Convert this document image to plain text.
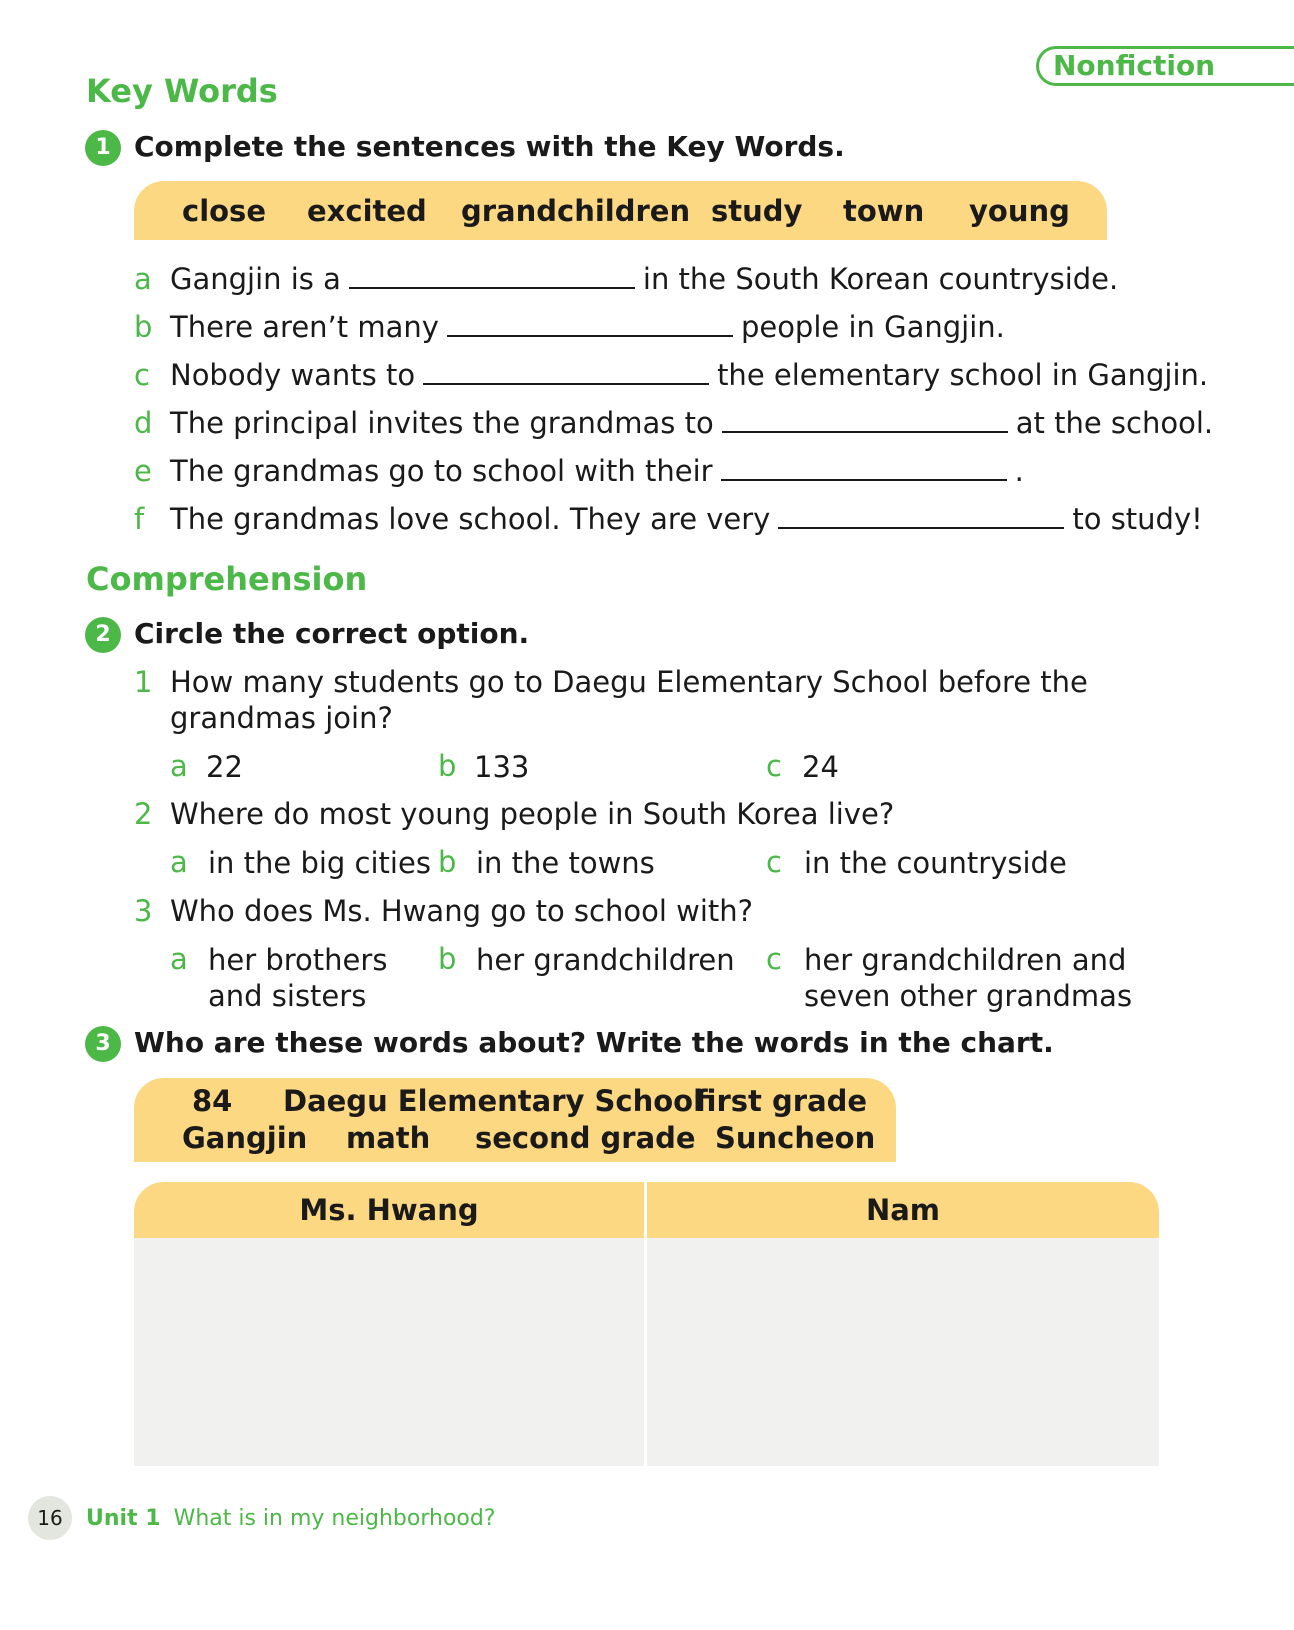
Nonfiction
Key Words
1 Complete the sentences with the Key Words.
close excited grandchildren study town young
a Gangjin is a	in the South Korean countryside.
b There aren’t many	people in Gangjin.
c Nobody wants to	the elementary school in Gangjin.
d The principal invites the grandmas to	at the school.
e The grandmas go to school with their	.
f The grandmas love school. They are very	to study!
Comprehension
2 Circle the correct option.
1 How many students go to Daegu Elementary School before the
grandmas join?
a 22	b 133	c 24
2 Where do most young people in South Korea live?
a in the big cities b in the towns	c in the countryside
3 Who does Ms. Hwang go to school with?
a her brothers
and sisters
b her grandchildren c her grandchildren and
seven other grandmas
3 Who are these words about? Write the words in the chart.
84 Daegu Elementary School
first grade
Gangjin math second grade Suncheon
Ms. Hwang	Nam
16	Unit 1 What is in my neighborhood?
